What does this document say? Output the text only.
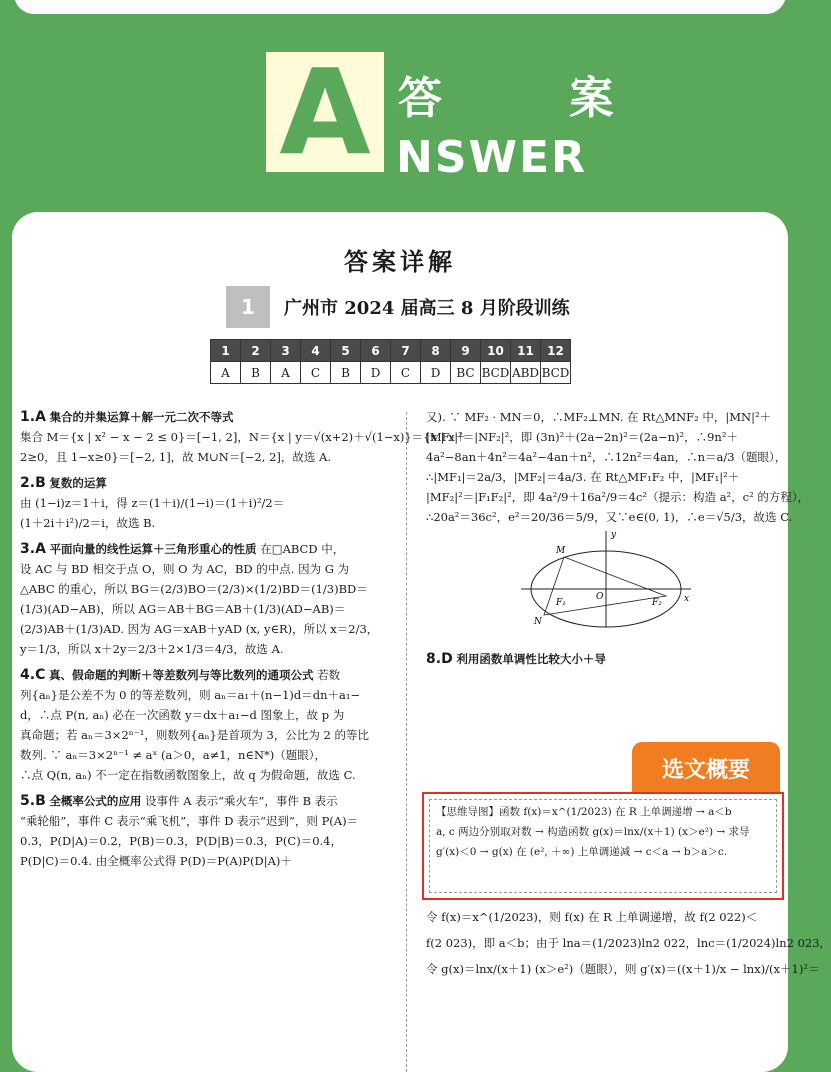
A 答 案
NSWER
答案详解
1	广州市 2024 届高三 8 月阶段训练
1	2	3	4	5	6	7	8	9	10	11	12
A	B	A	C	B	D	C	D	BC	BCD	ABD	BCD
1.A 集合的并集运算＋解一元二次不等式
集合 M＝{x | x² − x − 2 ≤ 0}＝[−1, 2]，N＝{x | y＝√(x+2)＋√(1−x)}＝{x | x＋
2≥0，且 1−x≥0}＝[−2, 1]，故 M∪N＝[−2, 2]，故选 A.
2.B 复数的运算
由 (1−i)z＝1＋i，得 z＝(1＋i)/(1−i)＝(1＋i)²/2＝
(1＋2i＋i²)/2＝i，故选 B.
3.A 平面向量的线性运算＋三角形重心的性质 在□ABCD 中，
设 AC 与 BD 相交于点 O，则 O 为 AC，BD 的中点. 因为 G 为
△ABC 的重心，所以 BG＝(2/3)BO＝(2/3)×(1/2)BD＝(1/3)BD＝
(1/3)(AD−AB)，所以 AG＝AB＋BG＝AB＋(1/3)(AD−AB)＝
(2/3)AB＋(1/3)AD. 因为 AG＝xAB＋yAD (x, y∈R)，所以 x＝2/3，
y＝1/3，所以 x＋2y＝2/3＋2×1/3＝4/3，故选 A.
4.C 真、假命题的判断＋等差数列与等比数列的通项公式 若数
列{aₙ}是公差不为 0 的等差数列，则 aₙ＝a₁＋(n−1)d＝dn＋a₁−
d，∴点 P(n, aₙ) 必在一次函数 y＝dx＋a₁−d 图象上，故 p 为
真命题；若 aₙ＝3×2ⁿ⁻¹，则数列{aₙ}是首项为 3，公比为 2 的等比
数列. ∵ aₙ＝3×2ⁿ⁻¹ ≠ aˣ (a＞0，a≠1，n∈N*)（题眼），
∴点 Q(n, aₙ) 不一定在指数函数图象上，故 q 为假命题，故选 C.
5.B 全概率公式的应用 设事件 A 表示“乘火车”，事件 B 表示
“乘轮船”，事件 C 表示“乘飞机”，事件 D 表示“迟到”，则 P(A)＝
0.3，P(D|A)＝0.2，P(B)＝0.3，P(D|B)＝0.3，P(C)＝0.4，
P(D|C)＝0.4. 由全概率公式得 P(D)＝P(A)P(D|A)＋
又). ∵ MF₂ · MN＝0，∴MF₂⊥MN. 在 Rt△MNF₂ 中，|MN|²＋
|MF₂|²＝|NF₂|²，即 (3n)²＋(2a−2n)²＝(2a−n)²，∴9n²＋
4a²−8an＋4n²＝4a²−4an＋n²，∴12n²＝4an，∴n＝a/3（题眼），
∴|MF₁|＝2a/3，|MF₂|＝4a/3. 在 Rt△MF₁F₂ 中，|MF₁|²＋
|MF₂|²＝|F₁F₂|²，即 4a²/9＋16a²/9＝4c²（提示：构造 a²，c² 的方程），
∴20a²＝36c²，e²＝20/36＝5/9，又∵e∈(0, 1)，∴e＝√5/3，故选 C.
y
x
M
N
O
F₁	F₂
8.D 利用函数单调性比较大小＋导
选文概要
【思维导图】函数 f(x)＝x^(1/2023) 在 R 上单调递增 → a＜b
a, c 两边分别取对数 → 构造函数 g(x)＝lnx/(x＋1) (x＞e²) → 求导
g′(x)＜0 → g(x) 在 (e², ＋∞) 上单调递减 → c＜a → b＞a＞c.
令 f(x)＝x^(1/2023)，则 f(x) 在 R 上单调递增，故 f(2 022)＜
f(2 023)，即 a＜b；由于 lna＝(1/2023)ln2 022，lnc＝(1/2024)ln2 023，
令 g(x)＝lnx/(x＋1) (x＞e²)（题眼），则 g′(x)＝((x＋1)/x − lnx)/(x＋1)²＝
